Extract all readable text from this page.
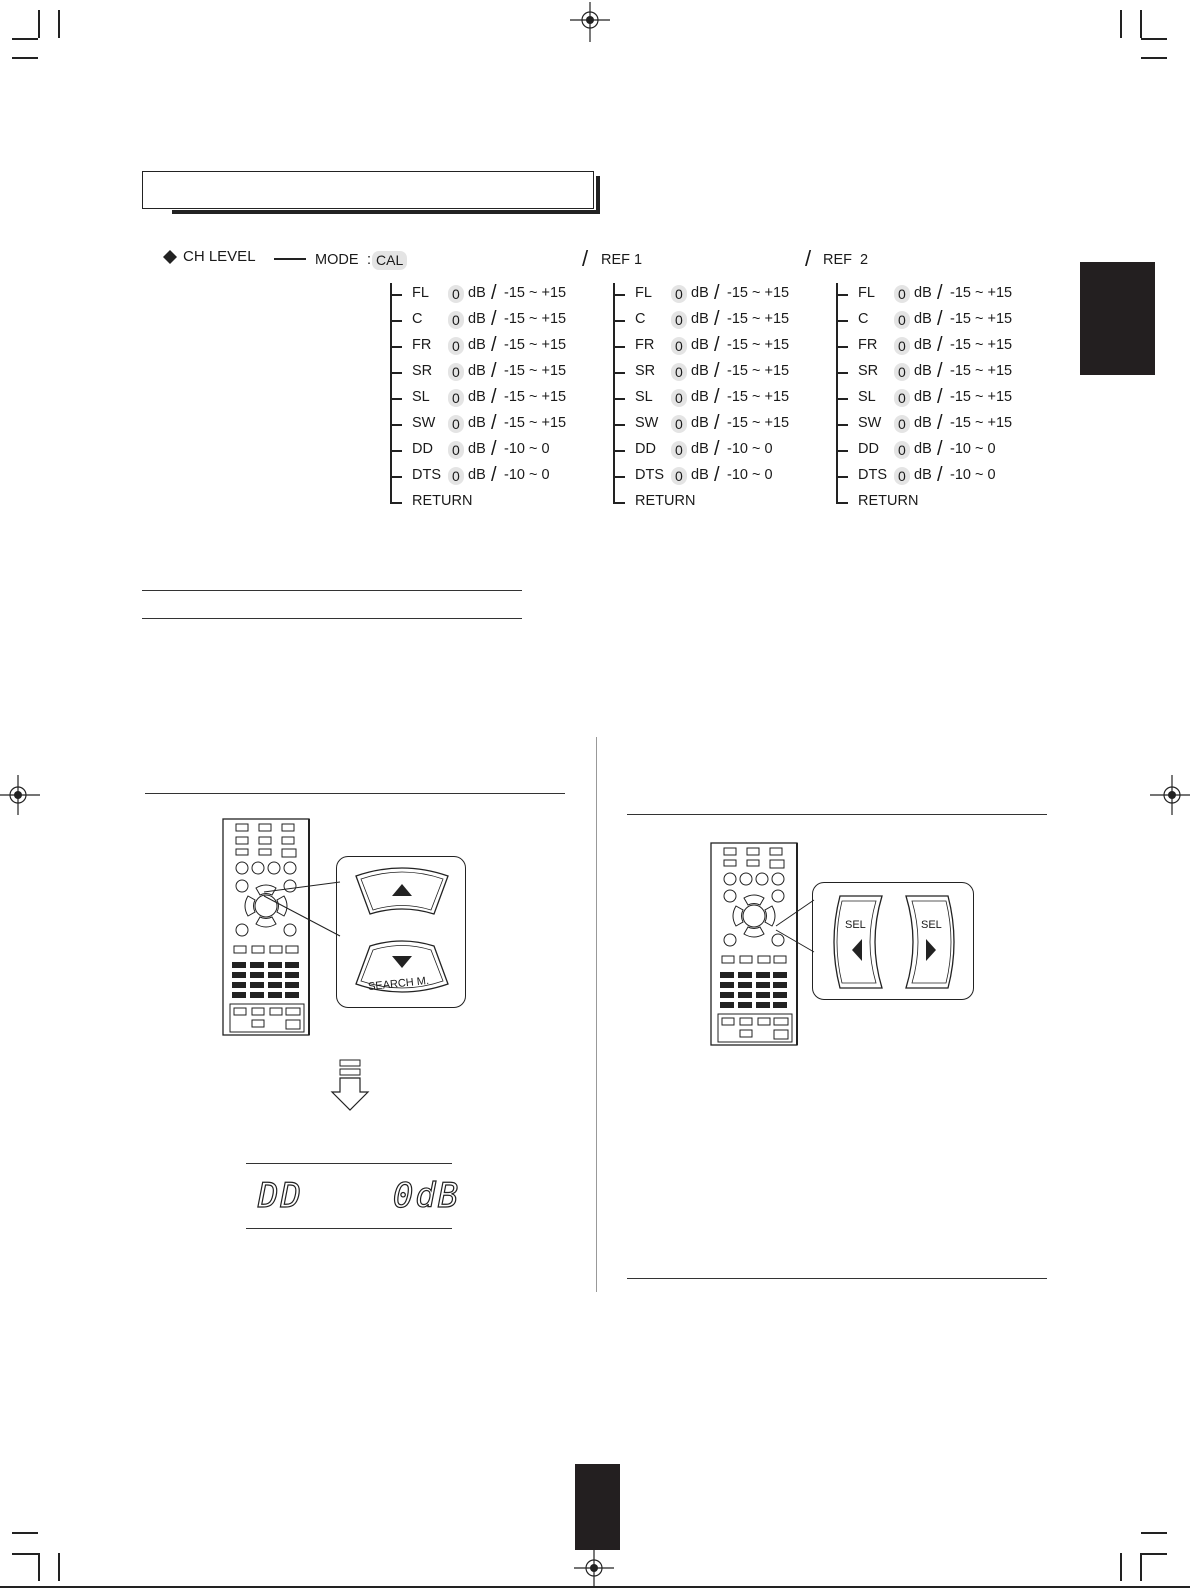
CH LEVEL	MODE : CAL	/ REF 1	/ REF  2
FL 0 dB / -15 ~ +15
C 0 dB / -15 ~ +15
FR 0 dB / -15 ~ +15
SR 0 dB / -15 ~ +15
SL 0 dB / -15 ~ +15
SW 0 dB / -15 ~ +15
DD 0 dB / -10 ~ 0
DTS 0 dB / -10 ~ 0
RETURN
FL 0 dB / -15 ~ +15
C 0 dB / -15 ~ +15
FR 0 dB / -15 ~ +15
SR 0 dB / -15 ~ +15
SL 0 dB / -15 ~ +15
SW 0 dB / -15 ~ +15
DD 0 dB / -10 ~ 0
DTS 0 dB / -10 ~ 0
RETURN
FL 0 dB / -15 ~ +15
C 0 dB / -15 ~ +15
FR 0 dB / -15 ~ +15
SR 0 dB / -15 ~ +15
SL 0 dB / -15 ~ +15
SW 0 dB / -15 ~ +15
DD 0 dB / -10 ~ 0
DTS 0 dB / -10 ~ 0
RETURN
SEARCH M.
DD    0dB
SEL	SEL
